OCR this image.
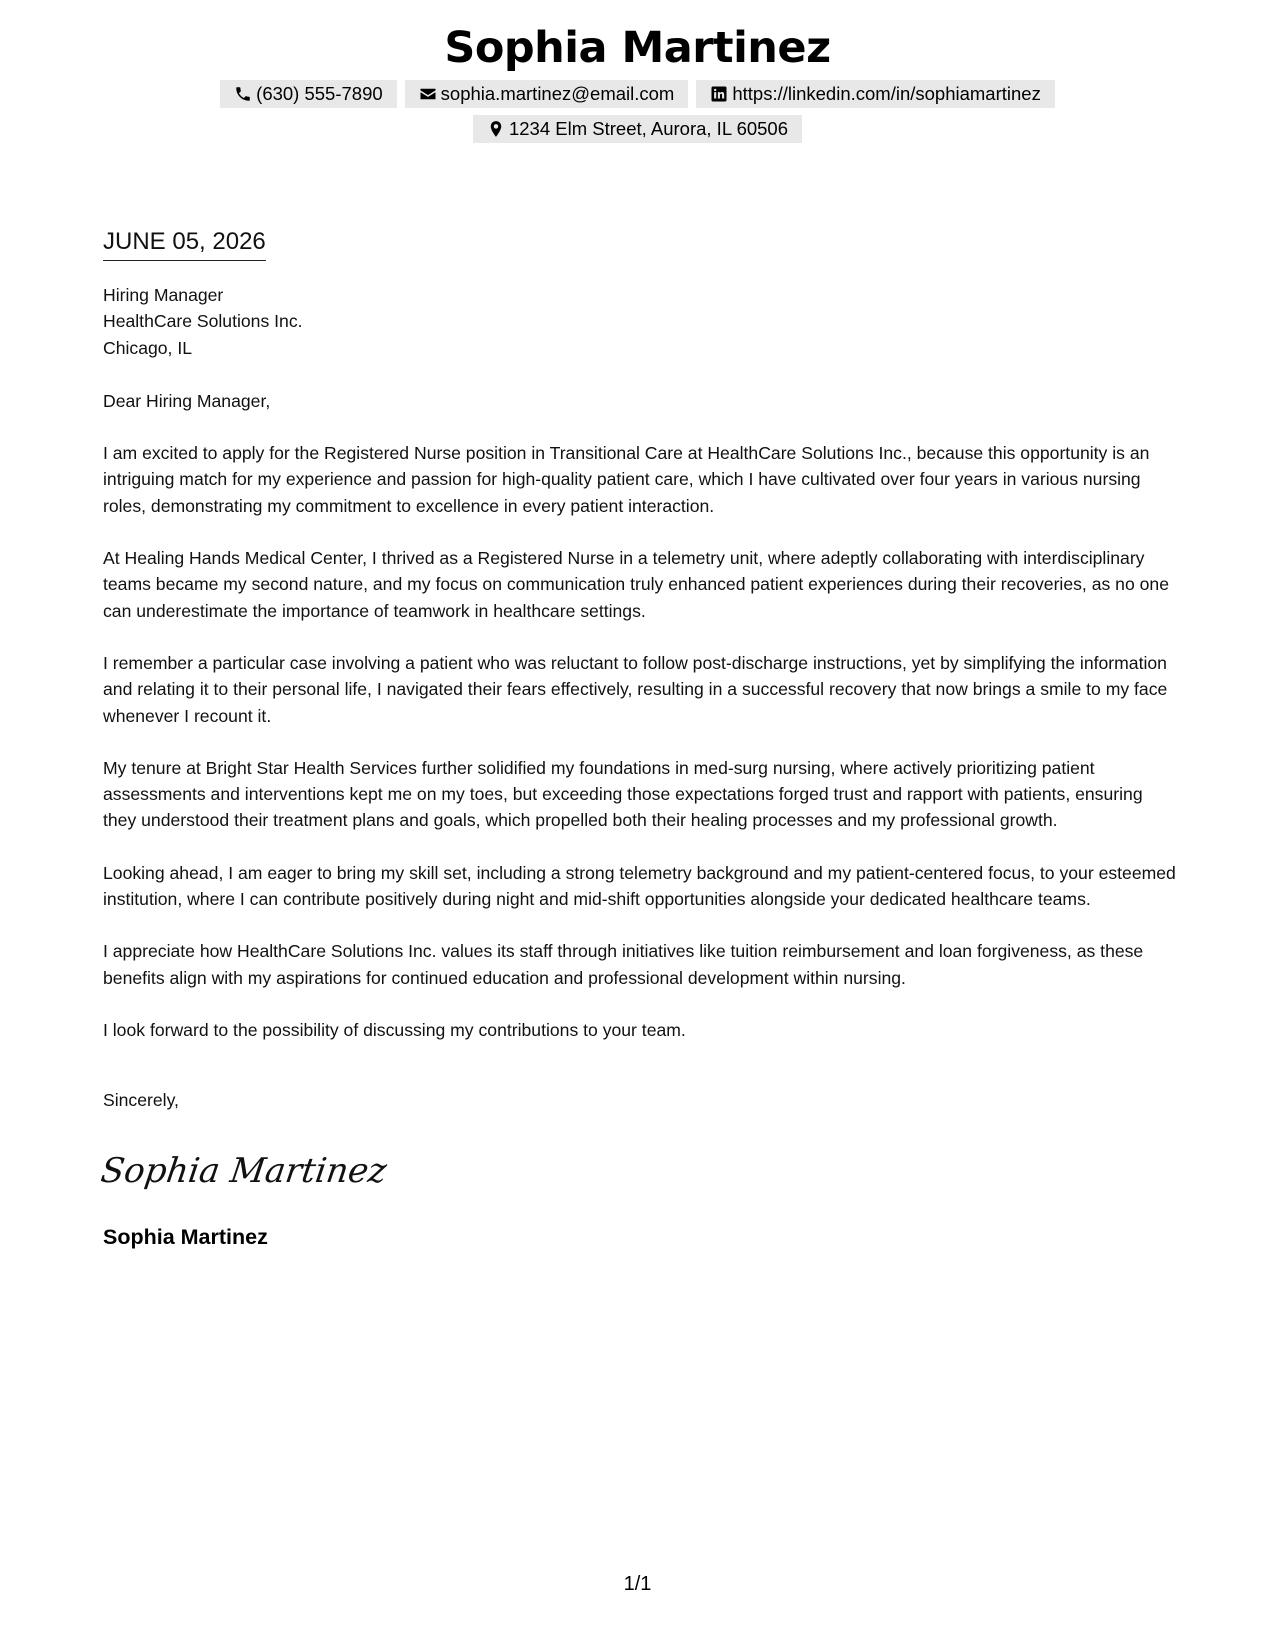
Sophia Martinez
(630) 555-7890	sophia.martinez@email.com	https://linkedin.com/in/sophiamartinez
1234 Elm Street, Aurora, IL 60506
JUNE 05, 2026
Hiring Manager
HealthCare Solutions Inc.
Chicago, IL
Dear Hiring Manager,

I am excited to apply for the Registered Nurse position in Transitional Care at HealthCare Solutions Inc., because this opportunity is an intriguing match for my experience and passion for high-quality patient care, which I have cultivated over four years in various nursing roles, demonstrating my commitment to excellence in every patient interaction.

At Healing Hands Medical Center, I thrived as a Registered Nurse in a telemetry unit, where adeptly collaborating with interdisciplinary teams became my second nature, and my focus on communication truly enhanced patient experiences during their recoveries, as no one can underestimate the importance of teamwork in healthcare settings.

I remember a particular case involving a patient who was reluctant to follow post-discharge instructions, yet by simplifying the information and relating it to their personal life, I navigated their fears effectively, resulting in a successful recovery that now brings a smile to my face whenever I recount it.

My tenure at Bright Star Health Services further solidified my foundations in med-surg nursing, where actively prioritizing patient assessments and interventions kept me on my toes, but exceeding those expectations forged trust and rapport with patients, ensuring they understood their treatment plans and goals, which propelled both their healing processes and my professional growth.

Looking ahead, I am eager to bring my skill set, including a strong telemetry background and my patient-centered focus, to your esteemed institution, where I can contribute positively during night and mid-shift opportunities alongside your dedicated healthcare teams.

I appreciate how HealthCare Solutions Inc. values its staff through initiatives like tuition reimbursement and loan forgiveness, as these benefits align with my aspirations for continued education and professional development within nursing.

I look forward to the possibility of discussing my contributions to your team.

Sincerely,
Sophia Martinez
Sophia Martinez
1/1
